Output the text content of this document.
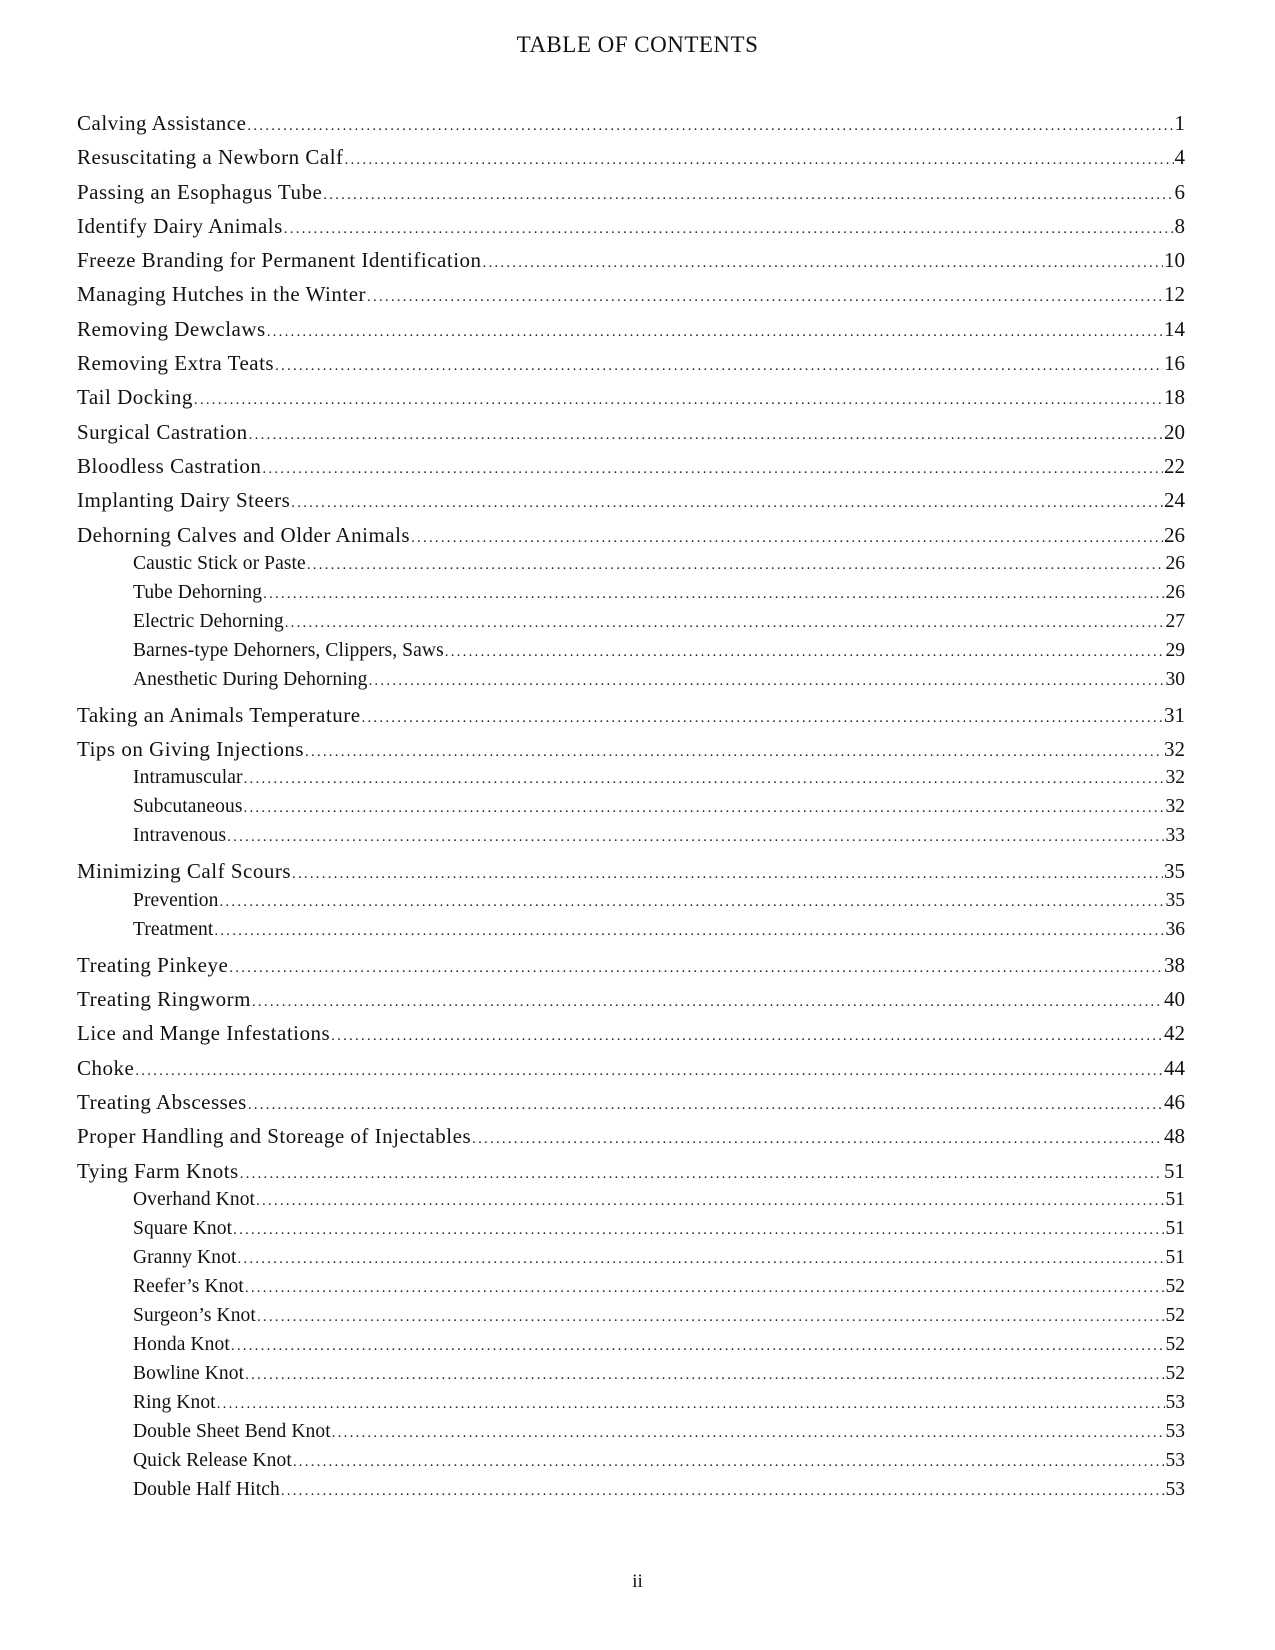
TABLE OF CONTENTS
Calving Assistance .....	1
Resuscitating a Newborn Calf .....	4
Passing an Esophagus Tube .....	6
Identify Dairy Animals .....	8
Freeze Branding for Permanent Identification .....	10
Managing Hutches in the Winter .....	12
Removing Dewclaws .....	14
Removing Extra Teats .....	16
Tail Docking .....	18
Surgical Castration .....	20
Bloodless Castration .....	22
Implanting Dairy Steers .....	24
Dehorning Calves and Older Animals .....	26
Caustic Stick or Paste .....	26
Tube Dehorning .....	26
Electric Dehorning .....	27
Barnes-type Dehorners, Clippers, Saws .....	29
Anesthetic During Dehorning .....	30
Taking an Animals Temperature .....	31
Tips on Giving Injections .....	32
Intramuscular .....	32
Subcutaneous .....	32
Intravenous .....	33
Minimizing Calf Scours .....	35
Prevention .....	35
Treatment .....	36
Treating Pinkeye .....	38
Treating Ringworm .....	40
Lice and Mange Infestations .....	42
Choke .....	44
Treating Abscesses .....	46
Proper Handling and Storeage of Injectables .....	48
Tying Farm Knots .....	51
Overhand Knot .....	51
Square Knot .....	51
Granny Knot .....	51
Reefer’s Knot .....	52
Surgeon’s Knot .....	52
Honda Knot .....	52
Bowline Knot .....	52
Ring Knot .....	53
Double Sheet Bend Knot .....	53
Quick Release Knot .....	53
Double Half Hitch .....	53
ii
